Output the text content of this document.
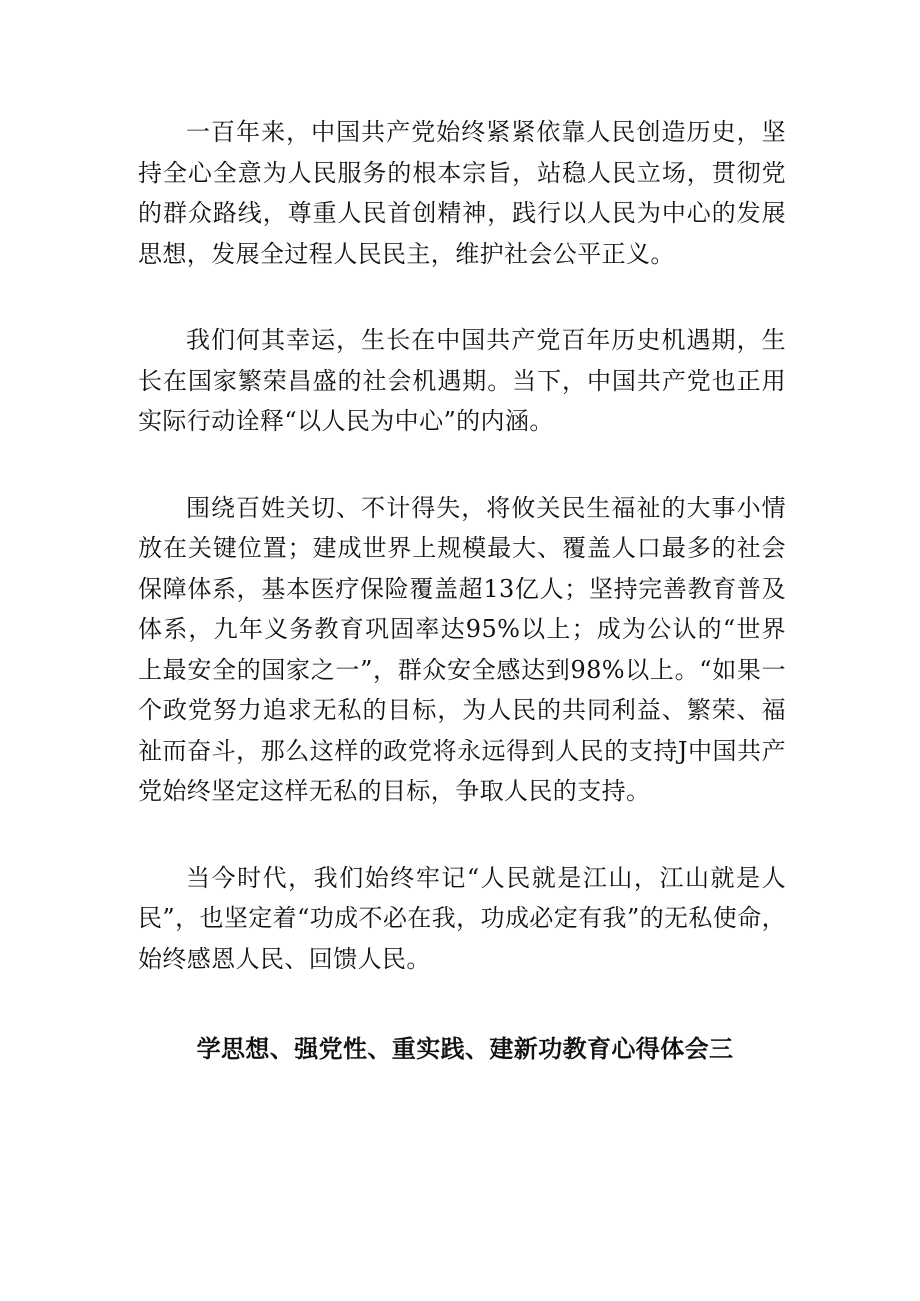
一百年来，中国共产党始终紧紧依靠人民创造历史，坚持全心全意为人民服务的根本宗旨，站稳人民立场，贯彻党的群众路线，尊重人民首创精神，践行以人民为中心的发展思想，发展全过程人民民主，维护社会公平正义。

我们何其幸运，生长在中国共产党百年历史机遇期，生长在国家繁荣昌盛的社会机遇期。当下，中国共产党也正用实际行动诠释“以人民为中心”的内涵。

围绕百姓关切、不计得失，将攸关民生福祉的大事小情放在关键位置；建成世界上规模最大、覆盖人口最多的社会保障体系，基本医疗保险覆盖超13亿人；坚持完善教育普及体系，九年义务教育巩固率达95%以上；成为公认的“世界上最安全的国家之一”，群众安全感达到98%以上。“如果一个政党努力追求无私的目标，为人民的共同利益、繁荣、福祉而奋斗，那么这样的政党将永远得到人民的支持J中国共产党始终坚定这样无私的目标，争取人民的支持。

当今时代，我们始终牢记“人民就是江山，江山就是人民”，也坚定着“功成不必在我，功成必定有我”的无私使命，始终感恩人民、回馈人民。

学思想、强党性、重实践、建新功教育心得体会三
